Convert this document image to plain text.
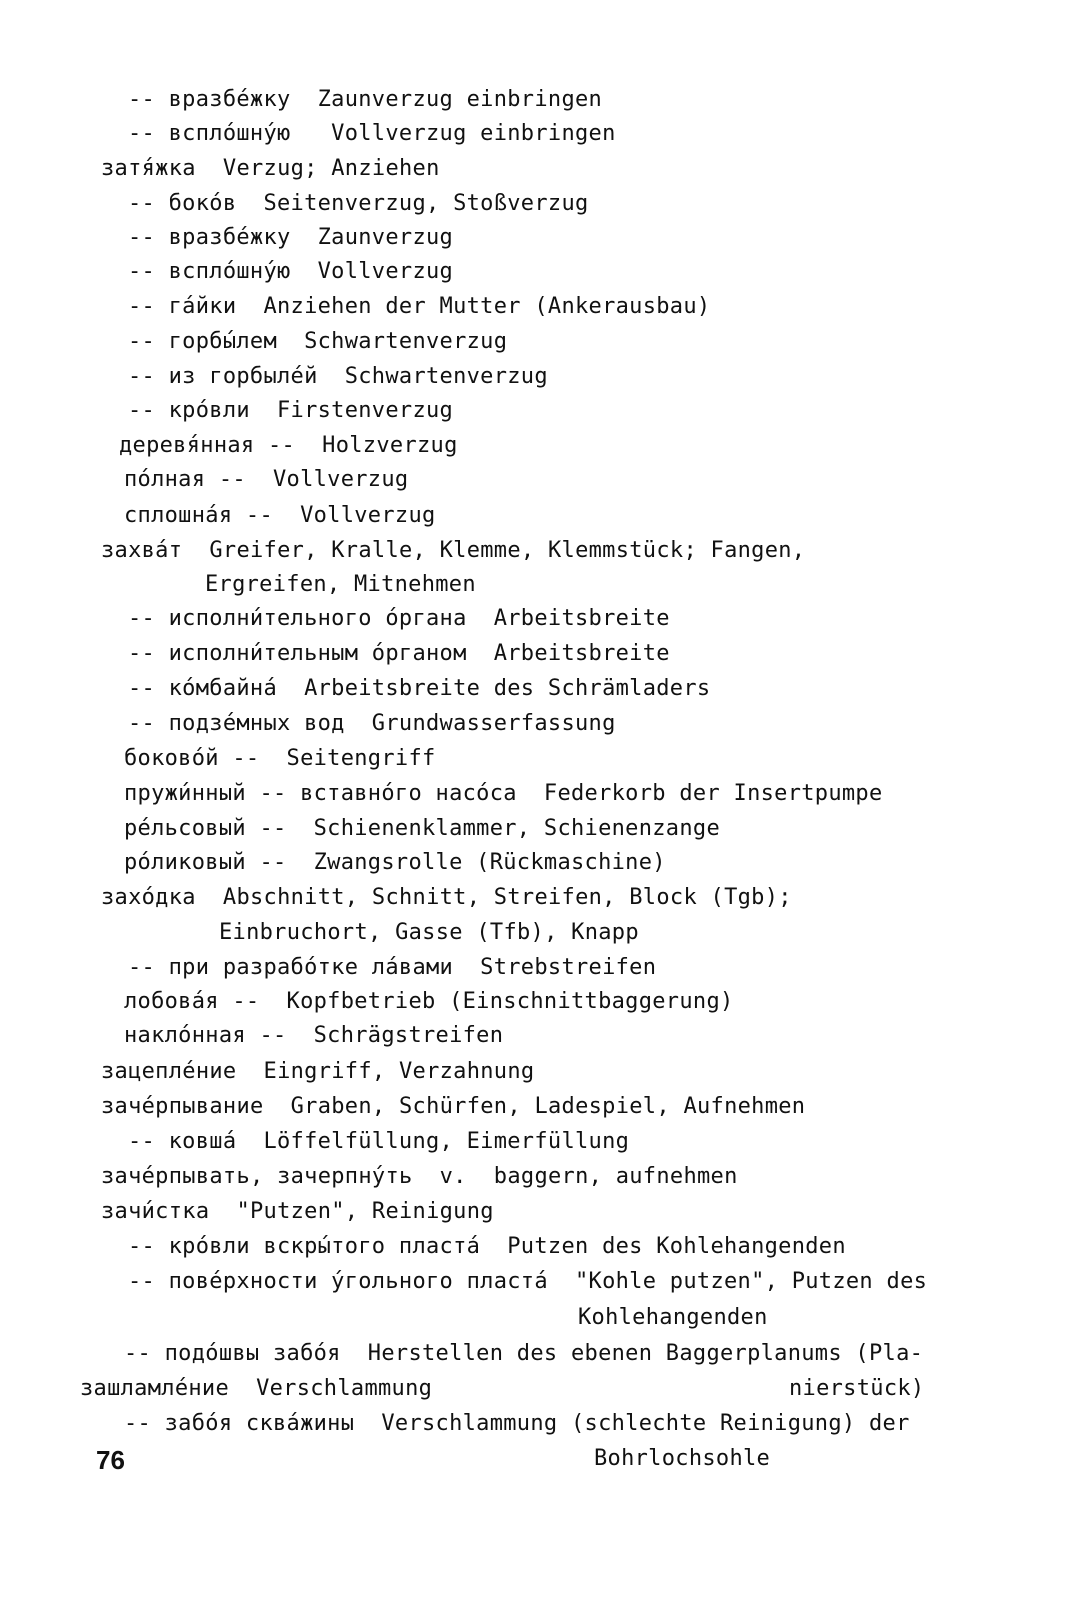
-- вразбе́жку  Zaunverzug einbringen
-- вспло́шну́ю   Vollverzug einbringen
затя́жка  Verzug; Anziehen
-- боко́в  Seitenverzug, Stoßverzug
-- вразбе́жку  Zaunverzug
-- вспло́шну́ю  Vollverzug
-- га́йки  Anziehen der Mutter (Ankerausbau)
-- горбы́лем  Schwartenverzug
-- из горбыле́й  Schwartenverzug
-- кро́вли  Firstenverzug
деревя́нная --  Holzverzug
по́лная --  Vollverzug
сплошна́я --  Vollverzug
захва́т  Greifer, Kralle, Klemme, Klemmstück; Fangen,
Ergreifen, Mitnehmen
-- исполни́тельного о́ргана  Arbeitsbreite
-- исполни́тельным о́рганом  Arbeitsbreite
-- ко́мбайна́  Arbeitsbreite des Schrämladers
-- подзе́мных вод  Grundwasserfassung
боково́й --  Seitengriff
пружи́нный -- вставно́го насо́са  Federkorb der Insertpumpe
ре́льсовый --  Schienenklammer, Schienenzange
ро́ликовый --  Zwangsrolle (Rückmaschine)
захо́дка  Abschnitt, Schnitt, Streifen, Block (Tgb);
Einbruchort, Gasse (Tfb), Knapp
-- при разрабо́тке ла́вами  Strebstreifen
лобова́я --  Kopfbetrieb (Einschnittbaggerung)
накло́нная --  Schrägstreifen
зацепле́ние  Eingriff, Verzahnung
заче́рпывание  Graben, Schürfen, Ladespiel, Aufnehmen
-- ковша́  Löffelfüllung, Eimerfüllung
заче́рпывать, зачерпну́ть  v.  baggern, aufnehmen
зачи́стка  "Putzen", Reinigung
-- кро́вли вскры́того пласта́  Putzen des Kohlehangenden
-- пове́рхности у́гольного пласта́  "Kohle putzen", Putzen des
Kohlehangenden
-- подо́швы забо́я  Herstellen des ebenen Baggerplanums (Pla-
зашламле́ние  Verschlammung	nierstück)
-- забо́я сква́жины  Verschlammung (schlechte Reinigung) der
Bohrlochsohle
76
